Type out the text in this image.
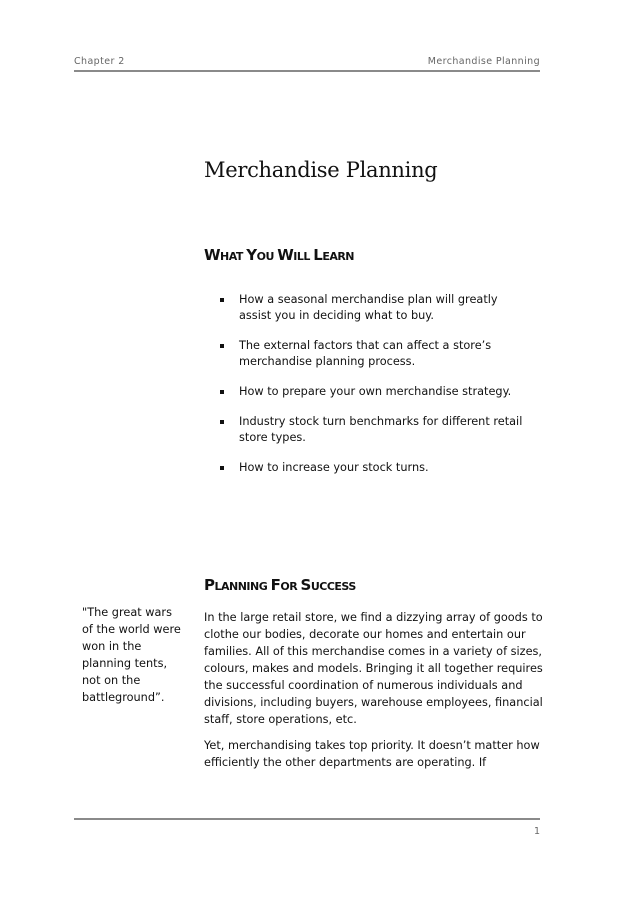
Chapter 2	Merchandise Planning
Merchandise Planning
WHAT YOU WILL LEARN
How a seasonal merchandise plan will greatly assist you in deciding what to buy.
The external factors that can affect a store’s merchandise planning process.
How to prepare your own merchandise strategy.
Industry stock turn benchmarks for different retail store types.
How to increase your stock turns.
PLANNING FOR SUCCESS
"The great wars of the world were won in the planning tents, not on the battleground”.

In the large retail store, we find a dizzying array of goods to clothe our bodies, decorate our homes and entertain our families. All of this merchandise comes in a variety of sizes, colours, makes and models. Bringing it all together requires the successful coordination of numerous individuals and divisions, including buyers, warehouse employees, financial staff, store operations, etc.

Yet, merchandising takes top priority. It doesn’t matter how efficiently the other departments are operating. If

1
